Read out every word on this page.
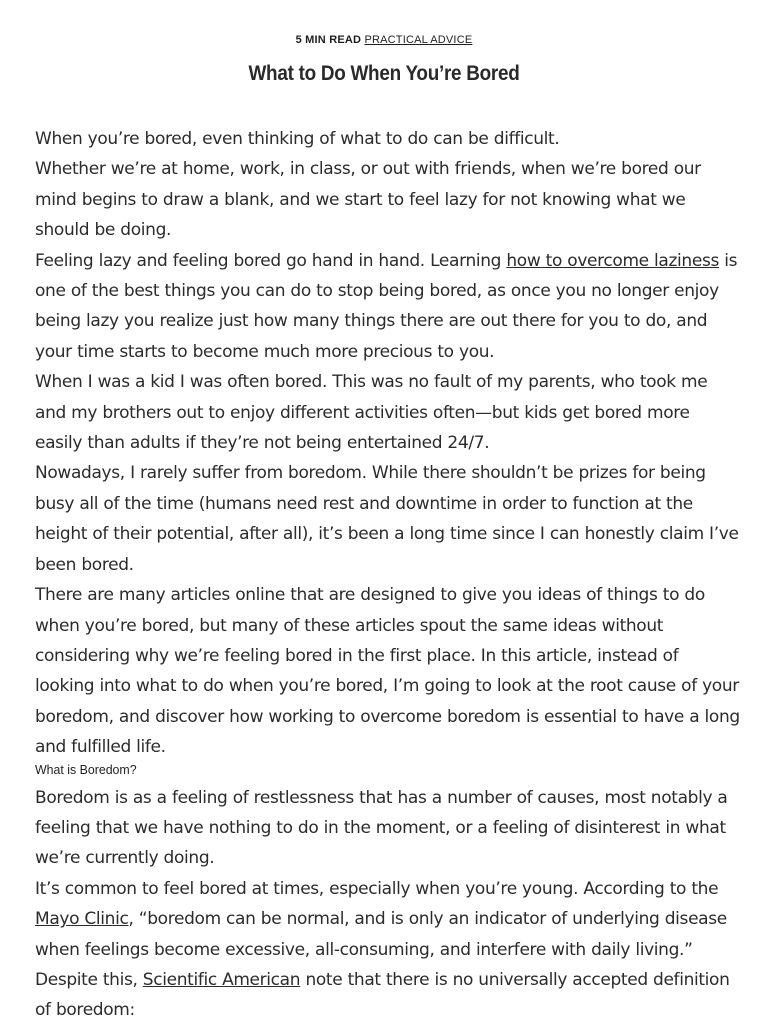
5 MIN READ PRACTICAL ADVICE
What to Do When You’re Bored

When you’re bored, even thinking of what to do can be difficult.

Whether we’re at home, work, in class, or out with friends, when we’re bored our mind begins to draw a blank, and we start to feel lazy for not knowing what we should be doing.

Feeling lazy and feeling bored go hand in hand. Learning how to overcome laziness is one of the best things you can do to stop being bored, as once you no longer enjoy being lazy you realize just how many things there are out there for you to do, and your time starts to become much more precious to you.

When I was a kid I was often bored. This was no fault of my parents, who took me and my brothers out to enjoy different activities often—but kids get bored more easily than adults if they’re not being entertained 24/7.

Nowadays, I rarely suffer from boredom. While there shouldn’t be prizes for being busy all of the time (humans need rest and downtime in order to function at the height of their potential, after all), it’s been a long time since I can honestly claim I’ve been bored.

There are many articles online that are designed to give you ideas of things to do when you’re bored, but many of these articles spout the same ideas without considering why we’re feeling bored in the first place. In this article, instead of looking into what to do when you’re bored, I’m going to look at the root cause of your boredom, and discover how working to overcome boredom is essential to have a long and fulfilled life.

What is Boredom?

Boredom is as a feeling of restlessness that has a number of causes, most notably a feeling that we have nothing to do in the moment, or a feeling of disinterest in what we’re currently doing.

It’s common to feel bored at times, especially when you’re young. According to the Mayo Clinic, “boredom can be normal, and is only an indicator of underlying disease when feelings become excessive, all-consuming, and interfere with daily living.”

Despite this, Scientific American note that there is no universally accepted definition of boredom:
